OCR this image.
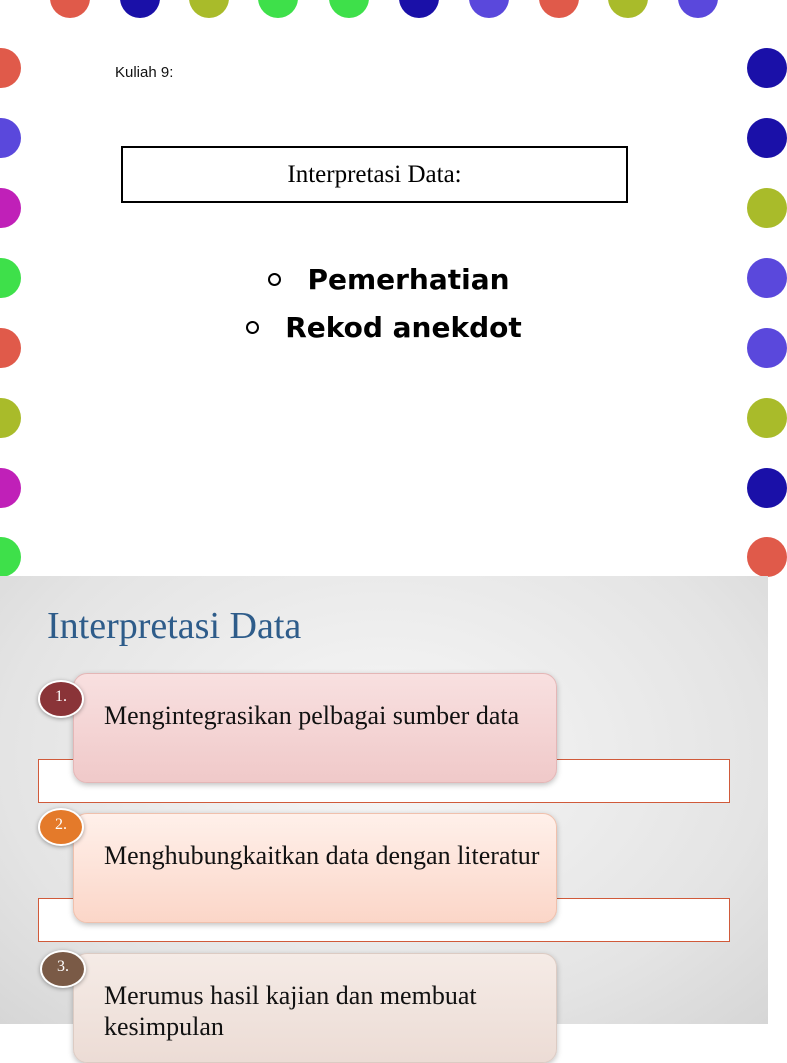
Kuliah 9:
Interpretasi Data:
Pemerhatian
Rekod anekdot
Interpretasi Data
Mengintegrasikan pelbagai sumber data
1.
Menghubungkaitkan data dengan literatur
2.
Merumus hasil kajian dan membuat kesimpulan
3.
